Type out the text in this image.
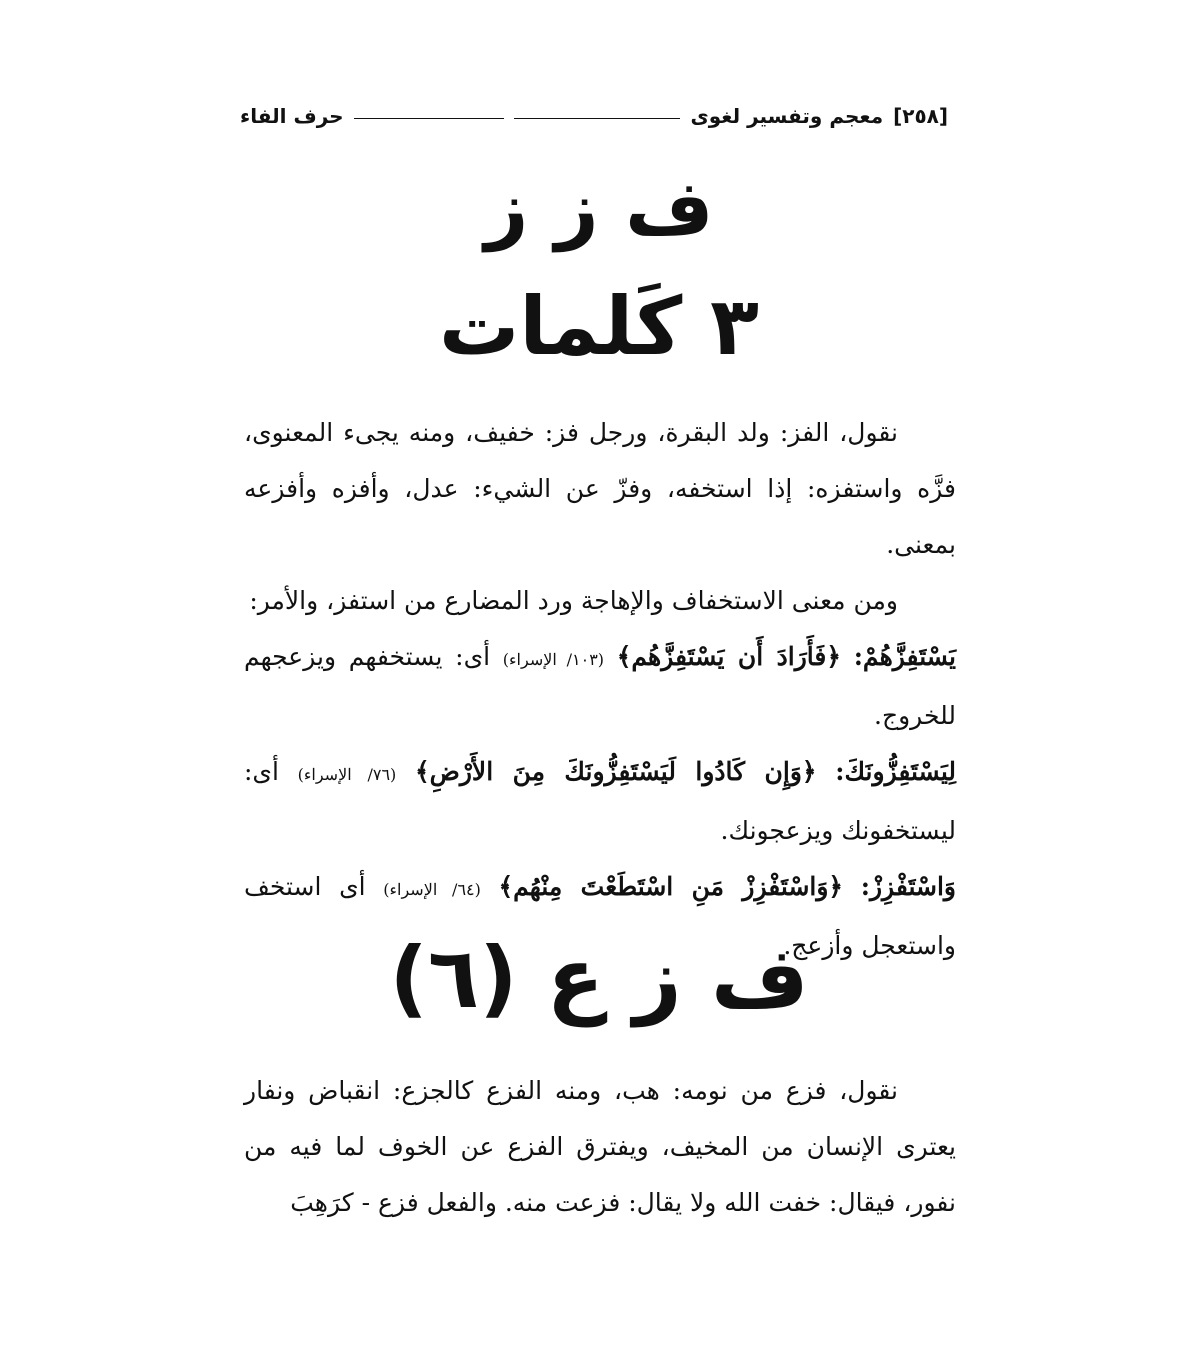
[٢٥٨]
معجم وتفسير لغوى
حرف الفاء
ف ز ز
٣ كَلمات

نقول، الفز: ولد البقرة، ورجل فز: خفيف، ومنه يجىء المعنوى، فزَّه واستفزه: إذا استخفه، وفزّ عن الشيء: عدل، وأفزه وأفزعه بمعنى.

ومن معنى الاستخفاف والإهاجة ورد المضارع من استفز، والأمر:

يَسْتَفِزَّهُمْ: ﴿فَأَرَادَ أَن يَسْتَفِزَّهُم﴾ (١٠٣/ الإسراء) أى: يستخفهم ويزعجهم للخروج.

لِيَسْتَفِزُّونَكَ: ﴿وَإِن كَادُوا لَيَسْتَفِزُّونَكَ مِنَ الأَرْضِ﴾ (٧٦/ الإسراء) أى: ليستخفونك ويزعجونك.

وَاسْتَفْزِزْ: ﴿وَاسْتَفْزِزْ مَنِ اسْتَطَعْتَ مِنْهُم﴾ (٦٤/ الإسراء) أى استخف واستعجل وأزعج.

ف ز ع (٦)

نقول، فزع من نومه: هب، ومنه الفزع كالجزع: انقباض ونفار يعترى الإنسان من المخيف، ويفترق الفزع عن الخوف لما فيه من نفور، فيقال: خفت الله ولا يقال: فزعت منه. والفعل فزع - كرَهِبَ
